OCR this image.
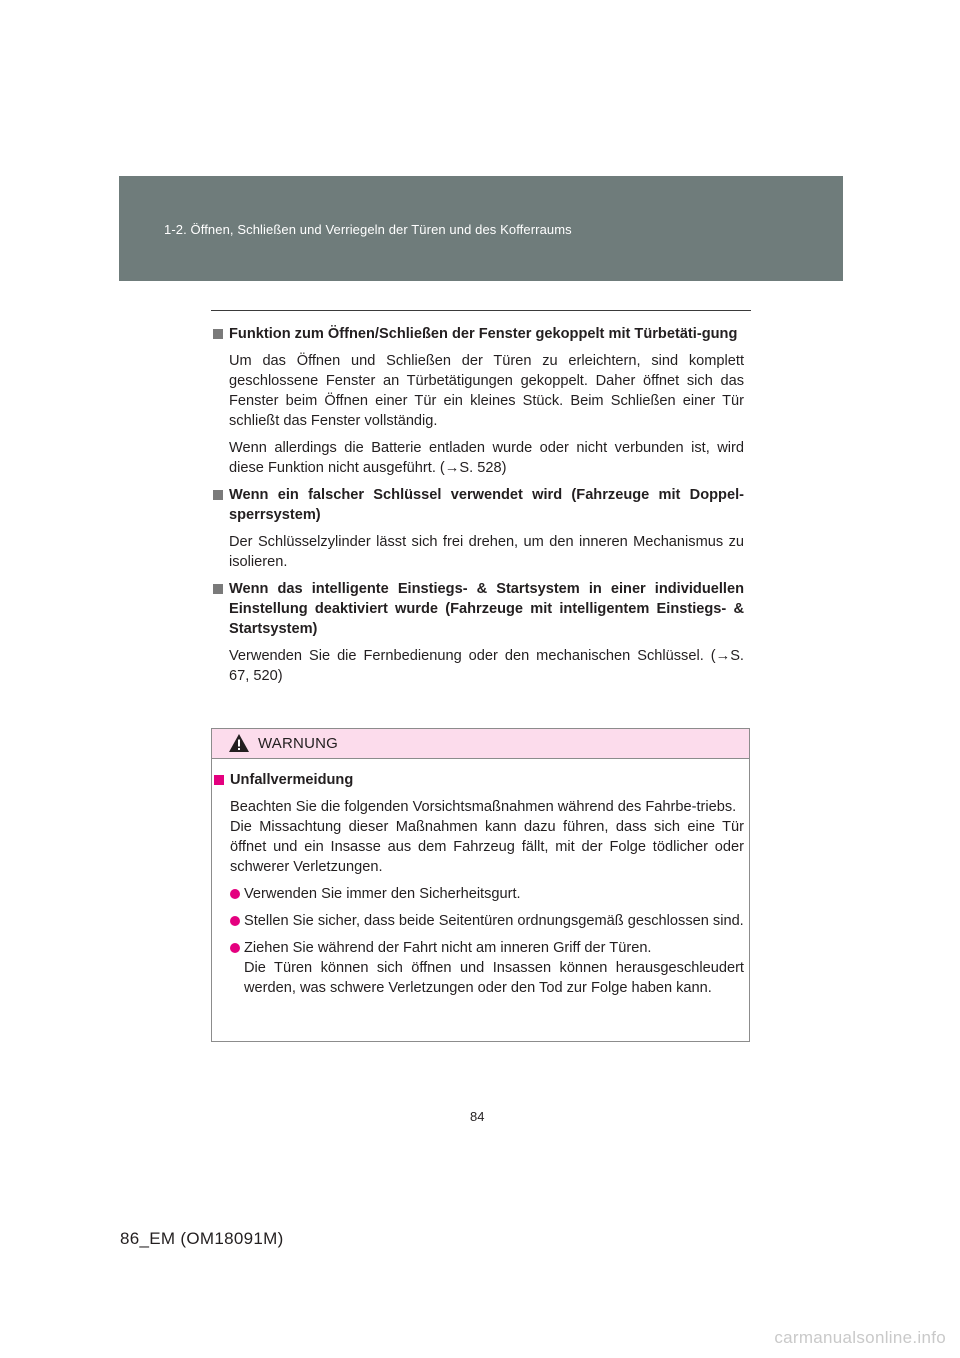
1-2. Öffnen, Schließen und Verriegeln der Türen und des Kofferraums
Funktion zum Öffnen/Schließen der Fenster gekoppelt mit Türbetäti-gung
Um das Öffnen und Schließen der Türen zu erleichtern, sind komplett geschlossene Fenster an Türbetätigungen gekoppelt. Daher öffnet sich das Fenster beim Öffnen einer Tür ein kleines Stück. Beim Schließen einer Tür schließt das Fenster vollständig.
Wenn allerdings die Batterie entladen wurde oder nicht verbunden ist, wird diese Funktion nicht ausgeführt. (→S. 528)
Wenn ein falscher Schlüssel verwendet wird (Fahrzeuge mit Doppel-sperrsystem)
Der Schlüsselzylinder lässt sich frei drehen, um den inneren Mechanismus zu isolieren.
Wenn das intelligente Einstiegs- & Startsystem in einer individuellen Einstellung deaktiviert wurde (Fahrzeuge mit intelligentem Einstiegs- & Startsystem)
Verwenden Sie die Fernbedienung oder den mechanischen Schlüssel. (→S. 67, 520)
WARNUNG
Unfallvermeidung
Beachten Sie die folgenden Vorsichtsmaßnahmen während des Fahrbe-triebs.
Die Missachtung dieser Maßnahmen kann dazu führen, dass sich eine Tür öffnet und ein Insasse aus dem Fahrzeug fällt, mit der Folge tödlicher oder schwerer Verletzungen.
Verwenden Sie immer den Sicherheitsgurt.
Stellen Sie sicher, dass beide Seitentüren ordnungsgemäß geschlossen sind.
Ziehen Sie während der Fahrt nicht am inneren Griff der Türen.
Die Türen können sich öffnen und Insassen können herausgeschleudert werden, was schwere Verletzungen oder den Tod zur Folge haben kann.
84
86_EM (OM18091M)
carmanualsonline.info
